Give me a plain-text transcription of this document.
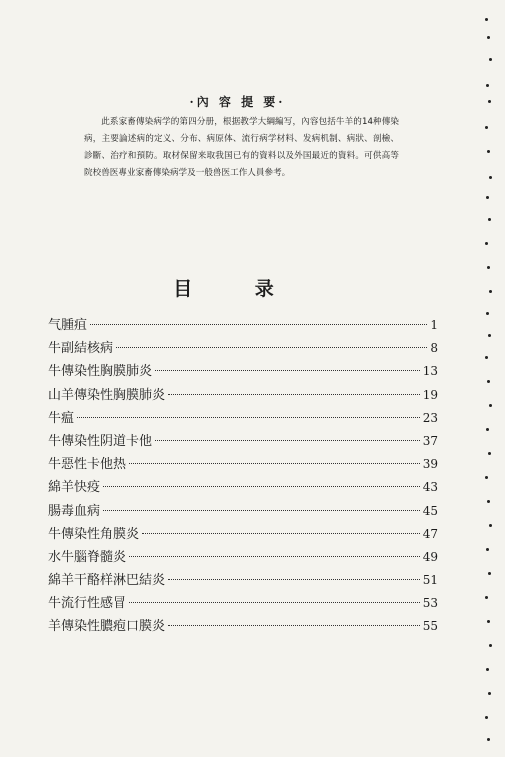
·內 容 提 要·

此系家畜傳染病学的第四分册，根据教学大綱編写，內容包括牛羊的14种傳染病，主要論述病的定义、分布、病原体、流行病学材料、发病机制、病狀、剖檢、診斷、治疗和預防。取材保留来取我国已有的資料以及外国最近的資料。可供高等院校兽医專业家畜傳染病学及一般兽医工作人員參考。

目 录
气腫疽	1
牛副結核病	8
牛傳染性胸膜肺炎	13
山羊傳染性胸膜肺炎	19
牛瘟	23
牛傳染性阴道卡他	37
牛惡性卡他热	39
綿羊快疫	43
腸毒血病	45
牛傳染性角膜炎	47
水牛腦脊髓炎	49
綿羊干酪样淋巴結炎	51
牛流行性感冒	53
羊傳染性膿疱口膜炎	55
